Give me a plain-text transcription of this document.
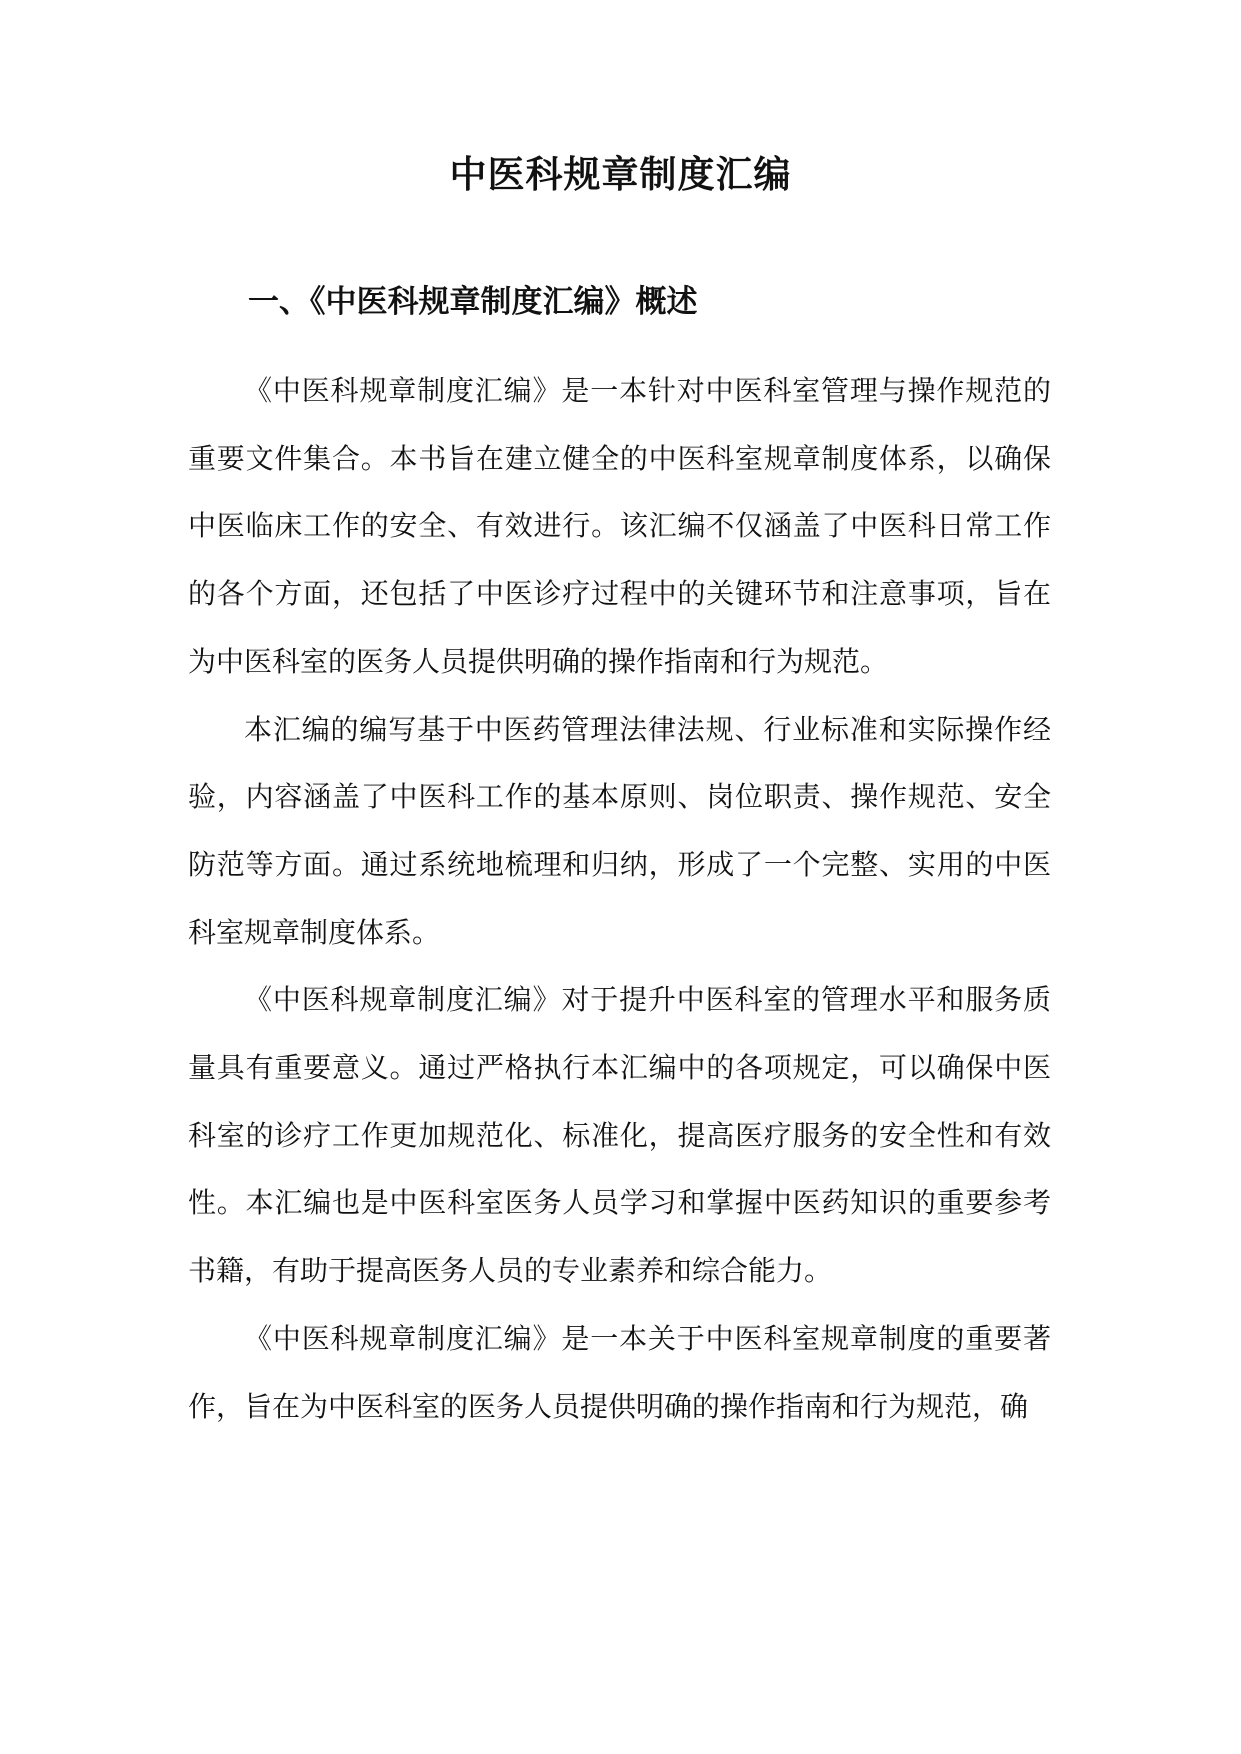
中医科规章制度汇编
一、《中医科规章制度汇编》概述

《中医科规章制度汇编》是一本针对中医科室管理与操作规范的重要文件集合。本书旨在建立健全的中医科室规章制度体系，以确保中医临床工作的安全、有效进行。该汇编不仅涵盖了中医科日常工作的各个方面，还包括了中医诊疗过程中的关键环节和注意事项，旨在为中医科室的医务人员提供明确的操作指南和行为规范。

本汇编的编写基于中医药管理法律法规、行业标准和实际操作经验，内容涵盖了中医科工作的基本原则、岗位职责、操作规范、安全防范等方面。通过系统地梳理和归纳，形成了一个完整、实用的中医科室规章制度体系。

《中医科规章制度汇编》对于提升中医科室的管理水平和服务质量具有重要意义。通过严格执行本汇编中的各项规定，可以确保中医科室的诊疗工作更加规范化、标准化，提高医疗服务的安全性和有效性。本汇编也是中医科室医务人员学习和掌握中医药知识的重要参考书籍，有助于提高医务人员的专业素养和综合能力。

《中医科规章制度汇编》是一本关于中医科室规章制度的重要著作，旨在为中医科室的医务人员提供明确的操作指南和行为规范，确
